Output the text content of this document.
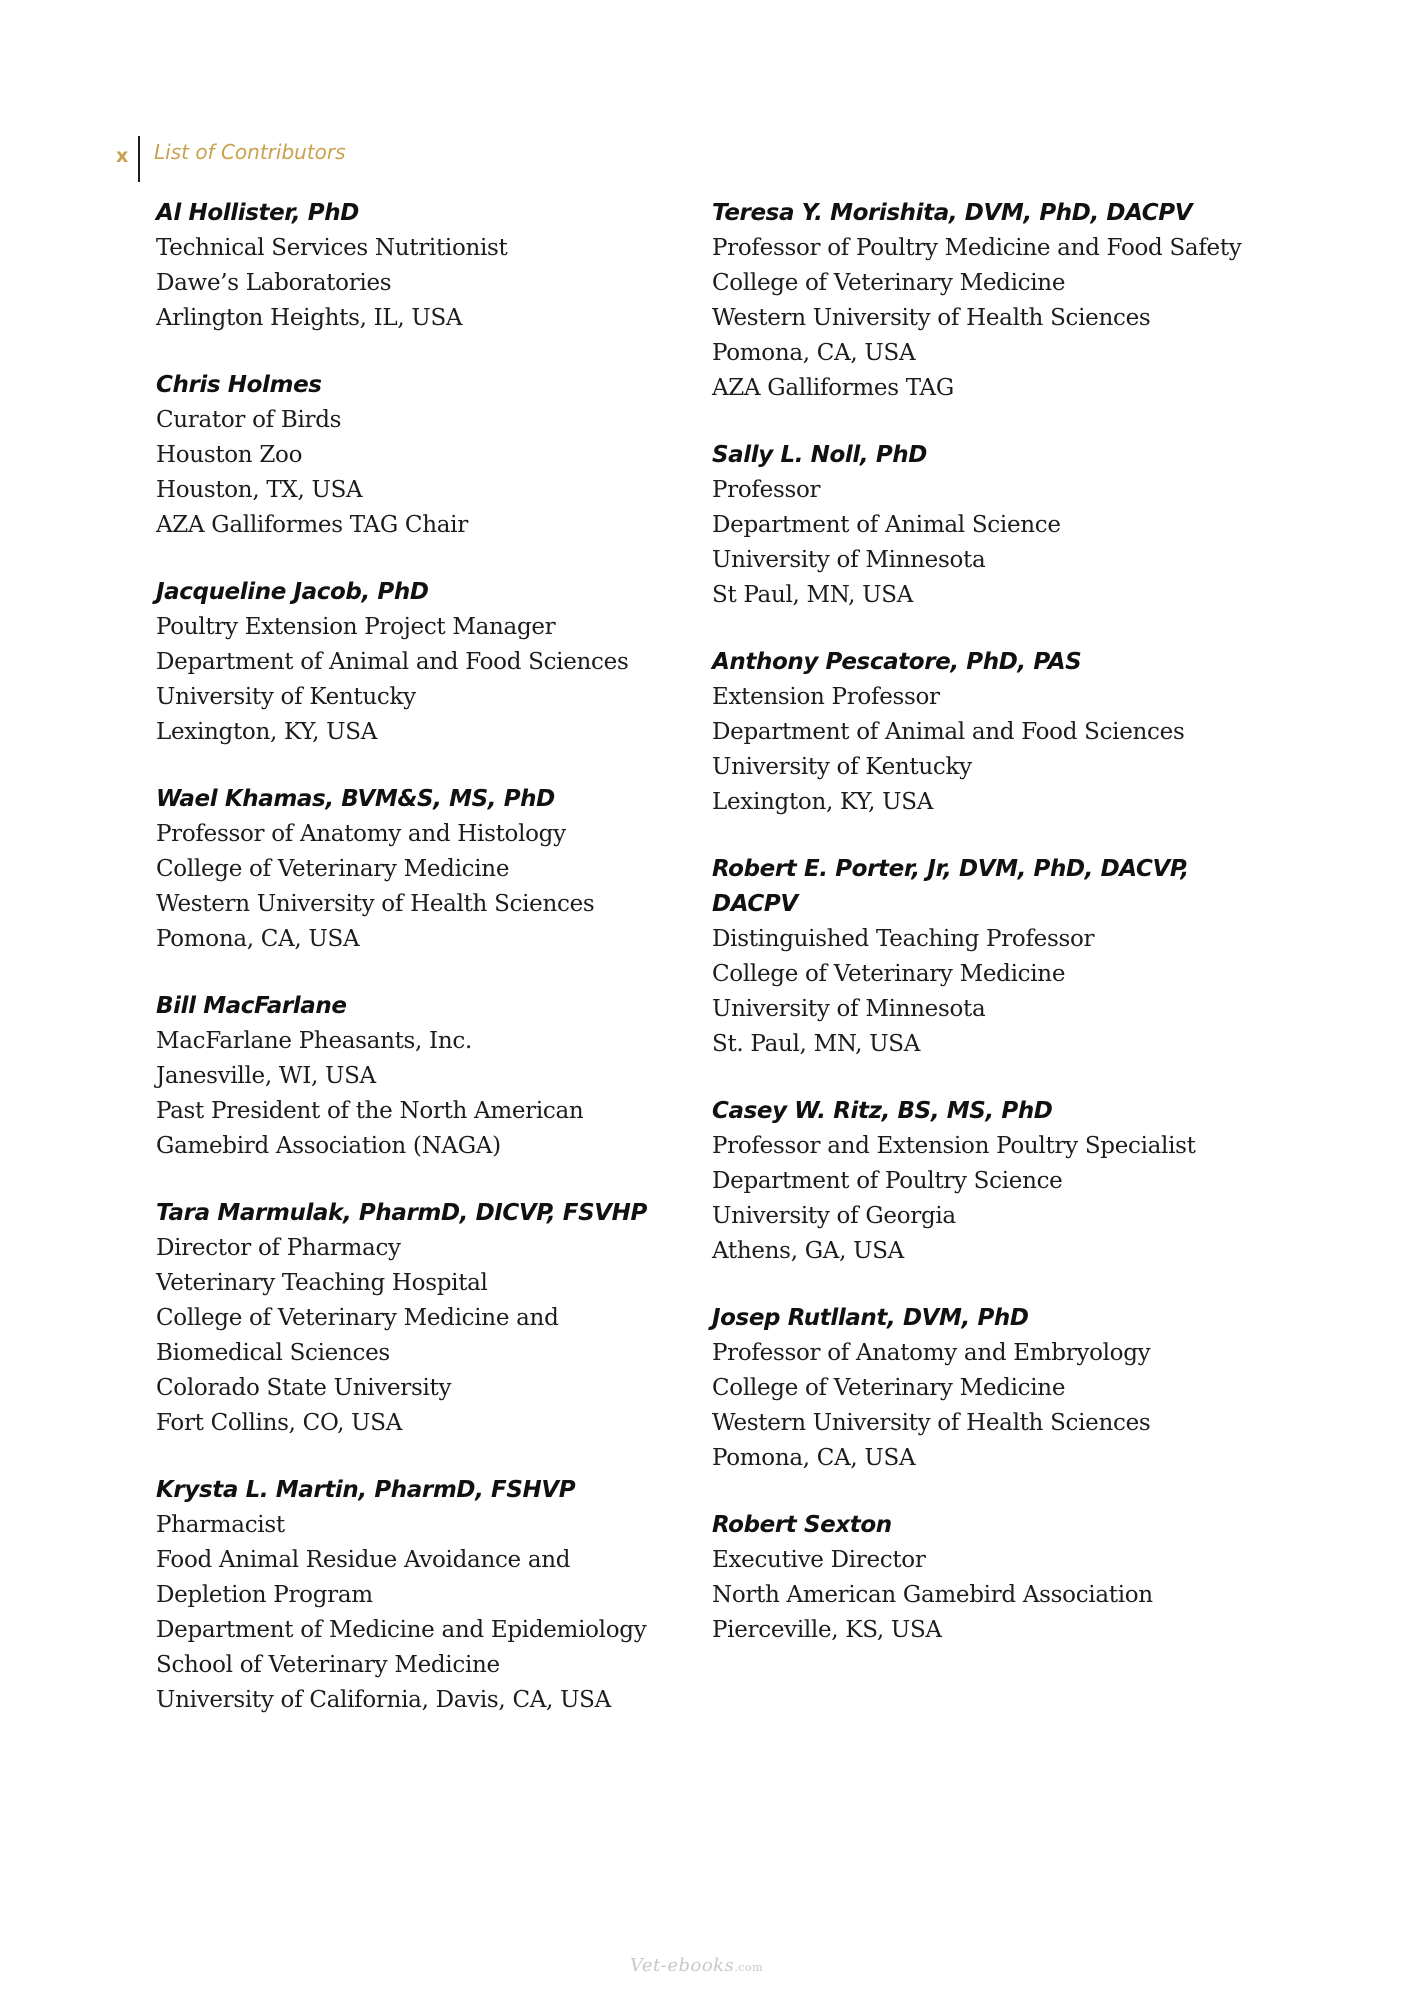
x	List of Contributors
Al Hollister, PhD
Technical Services Nutritionist
Dawe’s Laboratories
Arlington Heights, IL, USA
Chris Holmes
Curator of Birds
Houston Zoo
Houston, TX, USA
AZA Galliformes TAG Chair
Jacqueline Jacob, PhD
Poultry Extension Project Manager
Department of Animal and Food Sciences
University of Kentucky
Lexington, KY, USA
Wael Khamas, BVM&S, MS, PhD
Professor of Anatomy and Histology
College of Veterinary Medicine
Western University of Health Sciences
Pomona, CA, USA
Bill MacFarlane
MacFarlane Pheasants, Inc.
Janesville, WI, USA
Past President of the North American
Gamebird Association (NAGA)
Tara Marmulak, PharmD, DICVP, FSVHP
Director of Pharmacy
Veterinary Teaching Hospital
College of Veterinary Medicine and
Biomedical Sciences
Colorado State University
Fort Collins, CO, USA
Krysta L. Martin, PharmD, FSHVP
Pharmacist
Food Animal Residue Avoidance and
Depletion Program
Department of Medicine and Epidemiology
School of Veterinary Medicine
University of California, Davis, CA, USA
Teresa Y. Morishita, DVM, PhD, DACPV
Professor of Poultry Medicine and Food Safety
College of Veterinary Medicine
Western University of Health Sciences
Pomona, CA, USA
AZA Galliformes TAG
Sally L. Noll, PhD
Professor
Department of Animal Science
University of Minnesota
St Paul, MN, USA
Anthony Pescatore, PhD, PAS
Extension Professor
Department of Animal and Food Sciences
University of Kentucky
Lexington, KY, USA
Robert E. Porter, Jr, DVM, PhD, DACVP, DACPV
Distinguished Teaching Professor
College of Veterinary Medicine
University of Minnesota
St. Paul, MN, USA
Casey W. Ritz, BS, MS, PhD
Professor and Extension Poultry Specialist
Department of Poultry Science
University of Georgia
Athens, GA, USA
Josep Rutllant, DVM, PhD
Professor of Anatomy and Embryology
College of Veterinary Medicine
Western University of Health Sciences
Pomona, CA, USA
Robert Sexton
Executive Director
North American Gamebird Association
Pierceville, KS, USA
Vet-ebooks.com
